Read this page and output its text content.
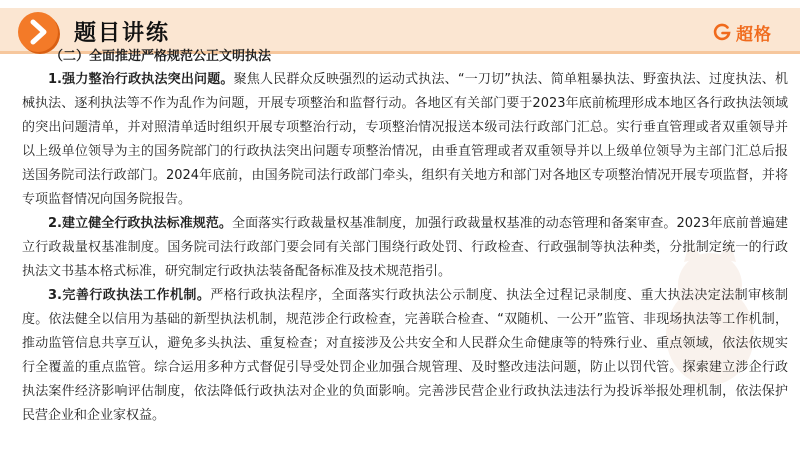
题目讲练	超格
（二）全面推进严格规范公正文明执法

1.强力整治行政执法突出问题。聚焦人民群众反映强烈的运动式执法、“一刀切”执法、简单粗暴执法、野蛮执法、过度执法、机械执法、逐利执法等不作为乱作为问题，开展专项整治和监督行动。各地区有关部门要于2023年底前梳理形成本地区各行政执法领域的突出问题清单，并对照清单适时组织开展专项整治行动，专项整治情况报送本级司法行政部门汇总。实行垂直管理或者双重领导并以上级单位领导为主的国务院部门的行政执法突出问题专项整治情况，由垂直管理或者双重领导并以上级单位领导为主部门汇总后报送国务院司法行政部门。2024年底前，由国务院司法行政部门牵头，组织有关地方和部门对各地区专项整治情况开展专项监督，并将专项监督情况向国务院报告。

2.建立健全行政执法标准规范。全面落实行政裁量权基准制度，加强行政裁量权基准的动态管理和备案审查。2023年底前普遍建立行政裁量权基准制度。国务院司法行政部门要会同有关部门围绕行政处罚、行政检查、行政强制等执法种类，分批制定统一的行政执法文书基本格式标准，研究制定行政执法装备配备标准及技术规范指引。

3.完善行政执法工作机制。严格行政执法程序，全面落实行政执法公示制度、执法全过程记录制度、重大执法决定法制审核制度。依法健全以信用为基础的新型执法机制，规范涉企行政检查，完善联合检查、“双随机、一公开”监管、非现场执法等工作机制，推动监管信息共享互认，避免多头执法、重复检查；对直接涉及公共安全和人民群众生命健康等的特殊行业、重点领域，依法依规实行全覆盖的重点监管。综合运用多种方式督促引导受处罚企业加强合规管理、及时整改违法问题，防止以罚代管。探索建立涉企行政执法案件经济影响评估制度，依法降低行政执法对企业的负面影响。完善涉民营企业行政执法违法行为投诉举报处理机制，依法保护民营企业和企业家权益。
